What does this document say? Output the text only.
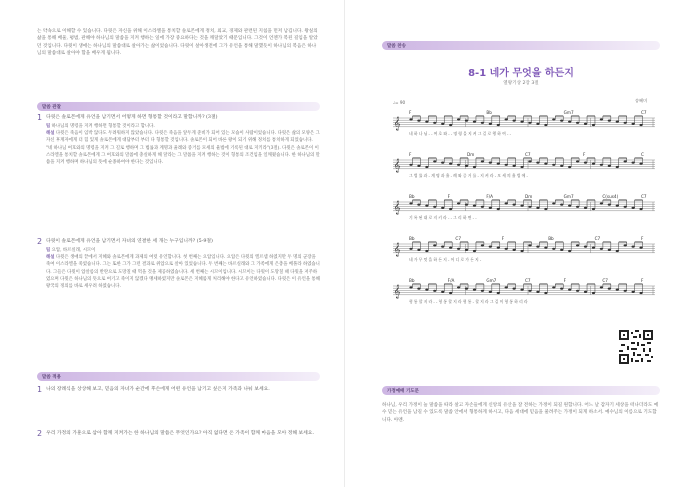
는 약속으로 이해할 수 있습니다. 다윗은 자신을 위해 이스라엘을 통치할 솔로몬에게 정치, 외교, 경제와 관련된 지침을 먼저 남깁니다. 왕실의 삶을 통해 배울, 평범, 관해야 하나님의 말씀을 지켜 행하는 일에 가장 중요하다는 것을 깨달았기 때문입니다. 그것이 언젠가 복된 길임을 알았던 것입니다. 다윗이 생애는 하나님의 말씀대로 살아가는 삶이었습니다. 다윗이 살아생전에 그가 유언을 통해 말했듯이 하나님의 복음은 하나님의 말씀대로 살아야 함을 배우게 됩니다.
말씀 관찰
1 다윗은 솔로몬에게 유언을 남기면서 어떻게 하면 형통할 것이라고 말합니까? (3절)
팁 하나님의 명령을 지켜 행하면 형통할 것이라고 합니다.
해설 다윗은 죽음이 임박 않다도 두려워하지 않았습니다. 다윗은 죽음을 앞두게 준비가 되어 있는 모습이 사람이었습니다. 다윗은 삶의 모양은 그 자신 후계자에게 더 힘 있게 솔로몬에게 대답부터 부터 다 형통할 것입니다. 솔로몬이 되어 바른 왕이 되기 위해 정치를 통치하게 되었습니다. "네 하나님 여호와의 명령을 지켜 그 길로 행하며 그 법률과 계명과 율례와 증거를 모세의 율법에 기록된 대로 지키라"(3절). 다윗은 솔로몬이 이스라엘을 통치할 솔로몬에게 그 여호와의 말씀에 충실하게 해 달라는 그 말씀을 지켜 행하는 것이 형통의 조건임을 일깨웠습니다. 한 하나님의 말씀을 지켜 행하며 하나님의 뜻에 순종하여야 한다는 것입니다.
2 다윗이 솔로몬에게 유언을 남기면서 자녀의 연결한 세 개는 누구입니까? (5-9절)
팁 요압, 바르실래, 시므이
해설 다윗은 생애의 끝에서 지혜와 솔로몬에게 과제의 여럿 유언합니다. 첫 번째는 요압입니다. 요압은 다윗의 엘르셉 하였지만 두 명의 군장을 죽여 이스라엘을 죽였습니다. 그는 또한 그가 그런 결과로 위압으로 살아 있었습니다. 두 번째는 바르실래와 그 가족에게 은총을 베풀라 하였습니다. 그들은 다윗이 압살롬의 반란으로 도망칠 때 먹을 것을 제공하였습니다. 세 번째는 시므이입니다. 시므이는 다윗이 도망칠 때 다윗을 저주하였으며 다윗은 하나님의 뜻으로 여기고 죽이지 않겠다 맹세하였지만 솔로몬은 지혜롭게 처리해야 한다고 유언하였습니다. 다윗은 이 유언을 통해 왕국의 정의를 바로 세우려 하였습니다.
말씀 적용
1 나의 장례식을 상상해 보고, 믿음의 자녀가 순간에 후손에게 어떤 유언을 남기고 싶은지 가족과 나눠 보세요.
2 우리 가정의 가훈으로 삼아 함께 지켜가는 한 하나님의 말씀은 무엇인가요? 아직 없다면 온 가족이 함께 마음을 모아 정해 보세요.
말씀 찬송
8-1 네가 무엇을 하든지
열왕기상 2장 3절
♩= 90	송혜미
𝄞
F	Bb	Gm7	C7
네 하 나 님 - - 여 호 와 - - 명 령 을 지 켜 그 길 로 행 하 여 - -
𝄞
F	Dm	C7	F	C
그 법 률 과 - 계 명 과 율 - 례 와 증 거 를 - 지 켜 라 - 모 세 의 율 법 에 -
𝄞
Bb	F	F/A	Dm	Gm7	C(sus4)	C7
기 록 된 대 로 지 키 라 - - 그 리 하 면 - -
𝄞
Bb	C7	F	Bb	C7	F
네 가 무 엇 을 하 든 지 - 어 디 로 가 든 지 -
𝄞
Bb	F/A	Gm7	C7	F	C7	F
형 통 할 지 라 - - 형 통 할 지 라 형 통 - 할 지 라 그 길 이 형 통 하 리 라
가정예배 기도문
하나님, 우리 가정이 늘 말씀을 따라 살고 자손들에게 신앙의 유산을 잘 전하는 가정이 되길 원합니다. 어느 날 갑자기 세상을 떠나더라도 예수 믿는 유언을 남길 수 있도록 말씀 안에서 형통하게 하시고, 다음 세대에 믿음을 물려주는 가정이 되게 하소서. 예수님의 이름으로 기도합니다. 아멘.
